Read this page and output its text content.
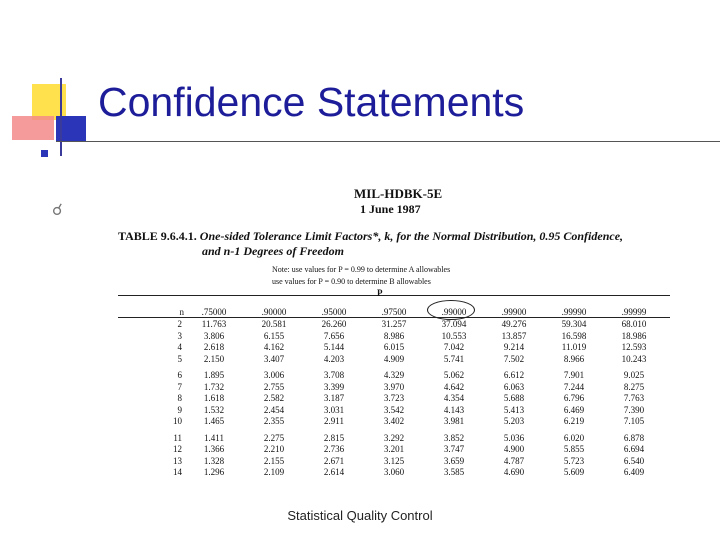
Confidence Statements
☌
MIL-HDBK-5E
1 June 1987
TABLE 9.6.4.1. One-sided Tolerance Limit Factors*, k, for the Normal Distribution, 0.95 Confidence,
and n-1 Degrees of Freedom
Note: use values for P = 0.99 to determine A allowables
use values for P = 0.90 to determine B allowables
P
n	.75000	.90000	.95000	.97500	.99000	.99900	.99990	.99999
2	11.763	20.581	26.260	31.257	37.094	49.276	59.304	68.010
3	3.806	6.155	7.656	8.986	10.553	13.857	16.598	18.986
4	2.618	4.162	5.144	6.015	7.042	9.214	11.019	12.593
5	2.150	3.407	4.203	4.909	5.741	7.502	8.966	10.243
6	1.895	3.006	3.708	4.329	5.062	6.612	7.901	9.025
7	1.732	2.755	3.399	3.970	4.642	6.063	7.244	8.275
8	1.618	2.582	3.187	3.723	4.354	5.688	6.796	7.763
9	1.532	2.454	3.031	3.542	4.143	5.413	6.469	7.390
10	1.465	2.355	2.911	3.402	3.981	5.203	6.219	7.105
11	1.411	2.275	2.815	3.292	3.852	5.036	6.020	6.878
12	1.366	2.210	2.736	3.201	3.747	4.900	5.855	6.694
13	1.328	2.155	2.671	3.125	3.659	4.787	5.723	6.540
14	1.296	2.109	2.614	3.060	3.585	4.690	5.609	6.409
Statistical Quality Control
